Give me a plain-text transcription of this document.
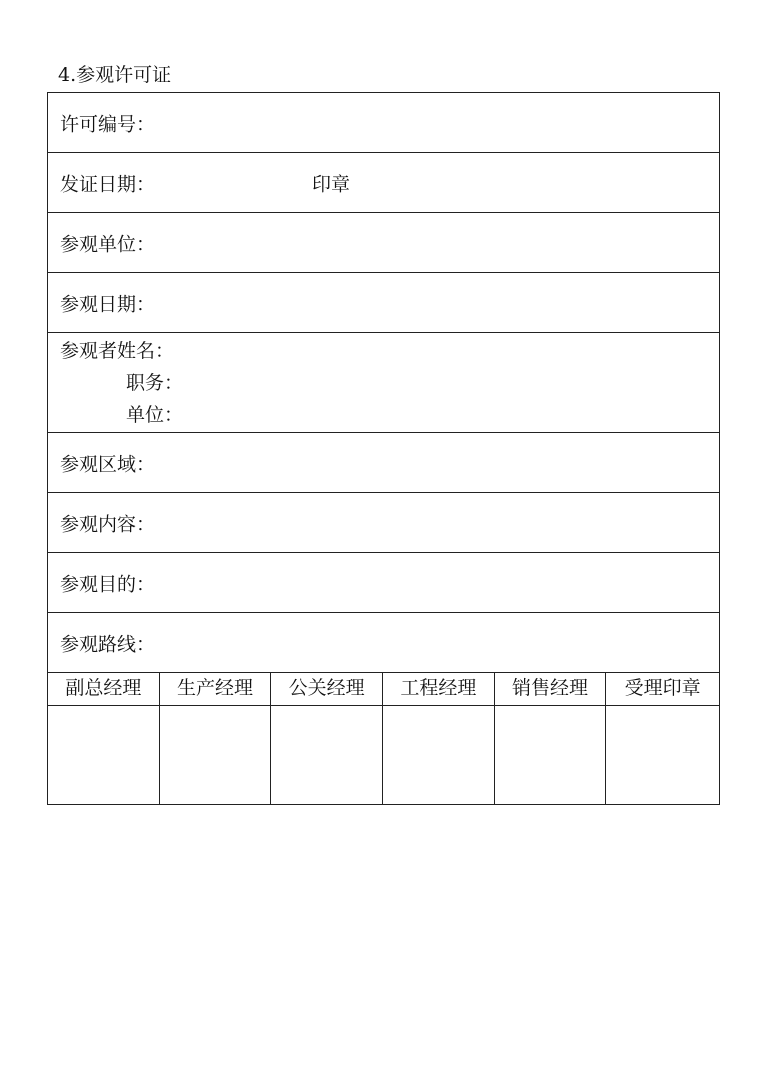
4.参观许可证
许可编号：
发证日期：	印章
参观单位：
参观日期：
参观者姓名：
职务：
单位：
参观区域：
参观内容：
参观目的：
参观路线：
副总经理	生产经理	公关经理	工程经理	销售经理	受理印章
